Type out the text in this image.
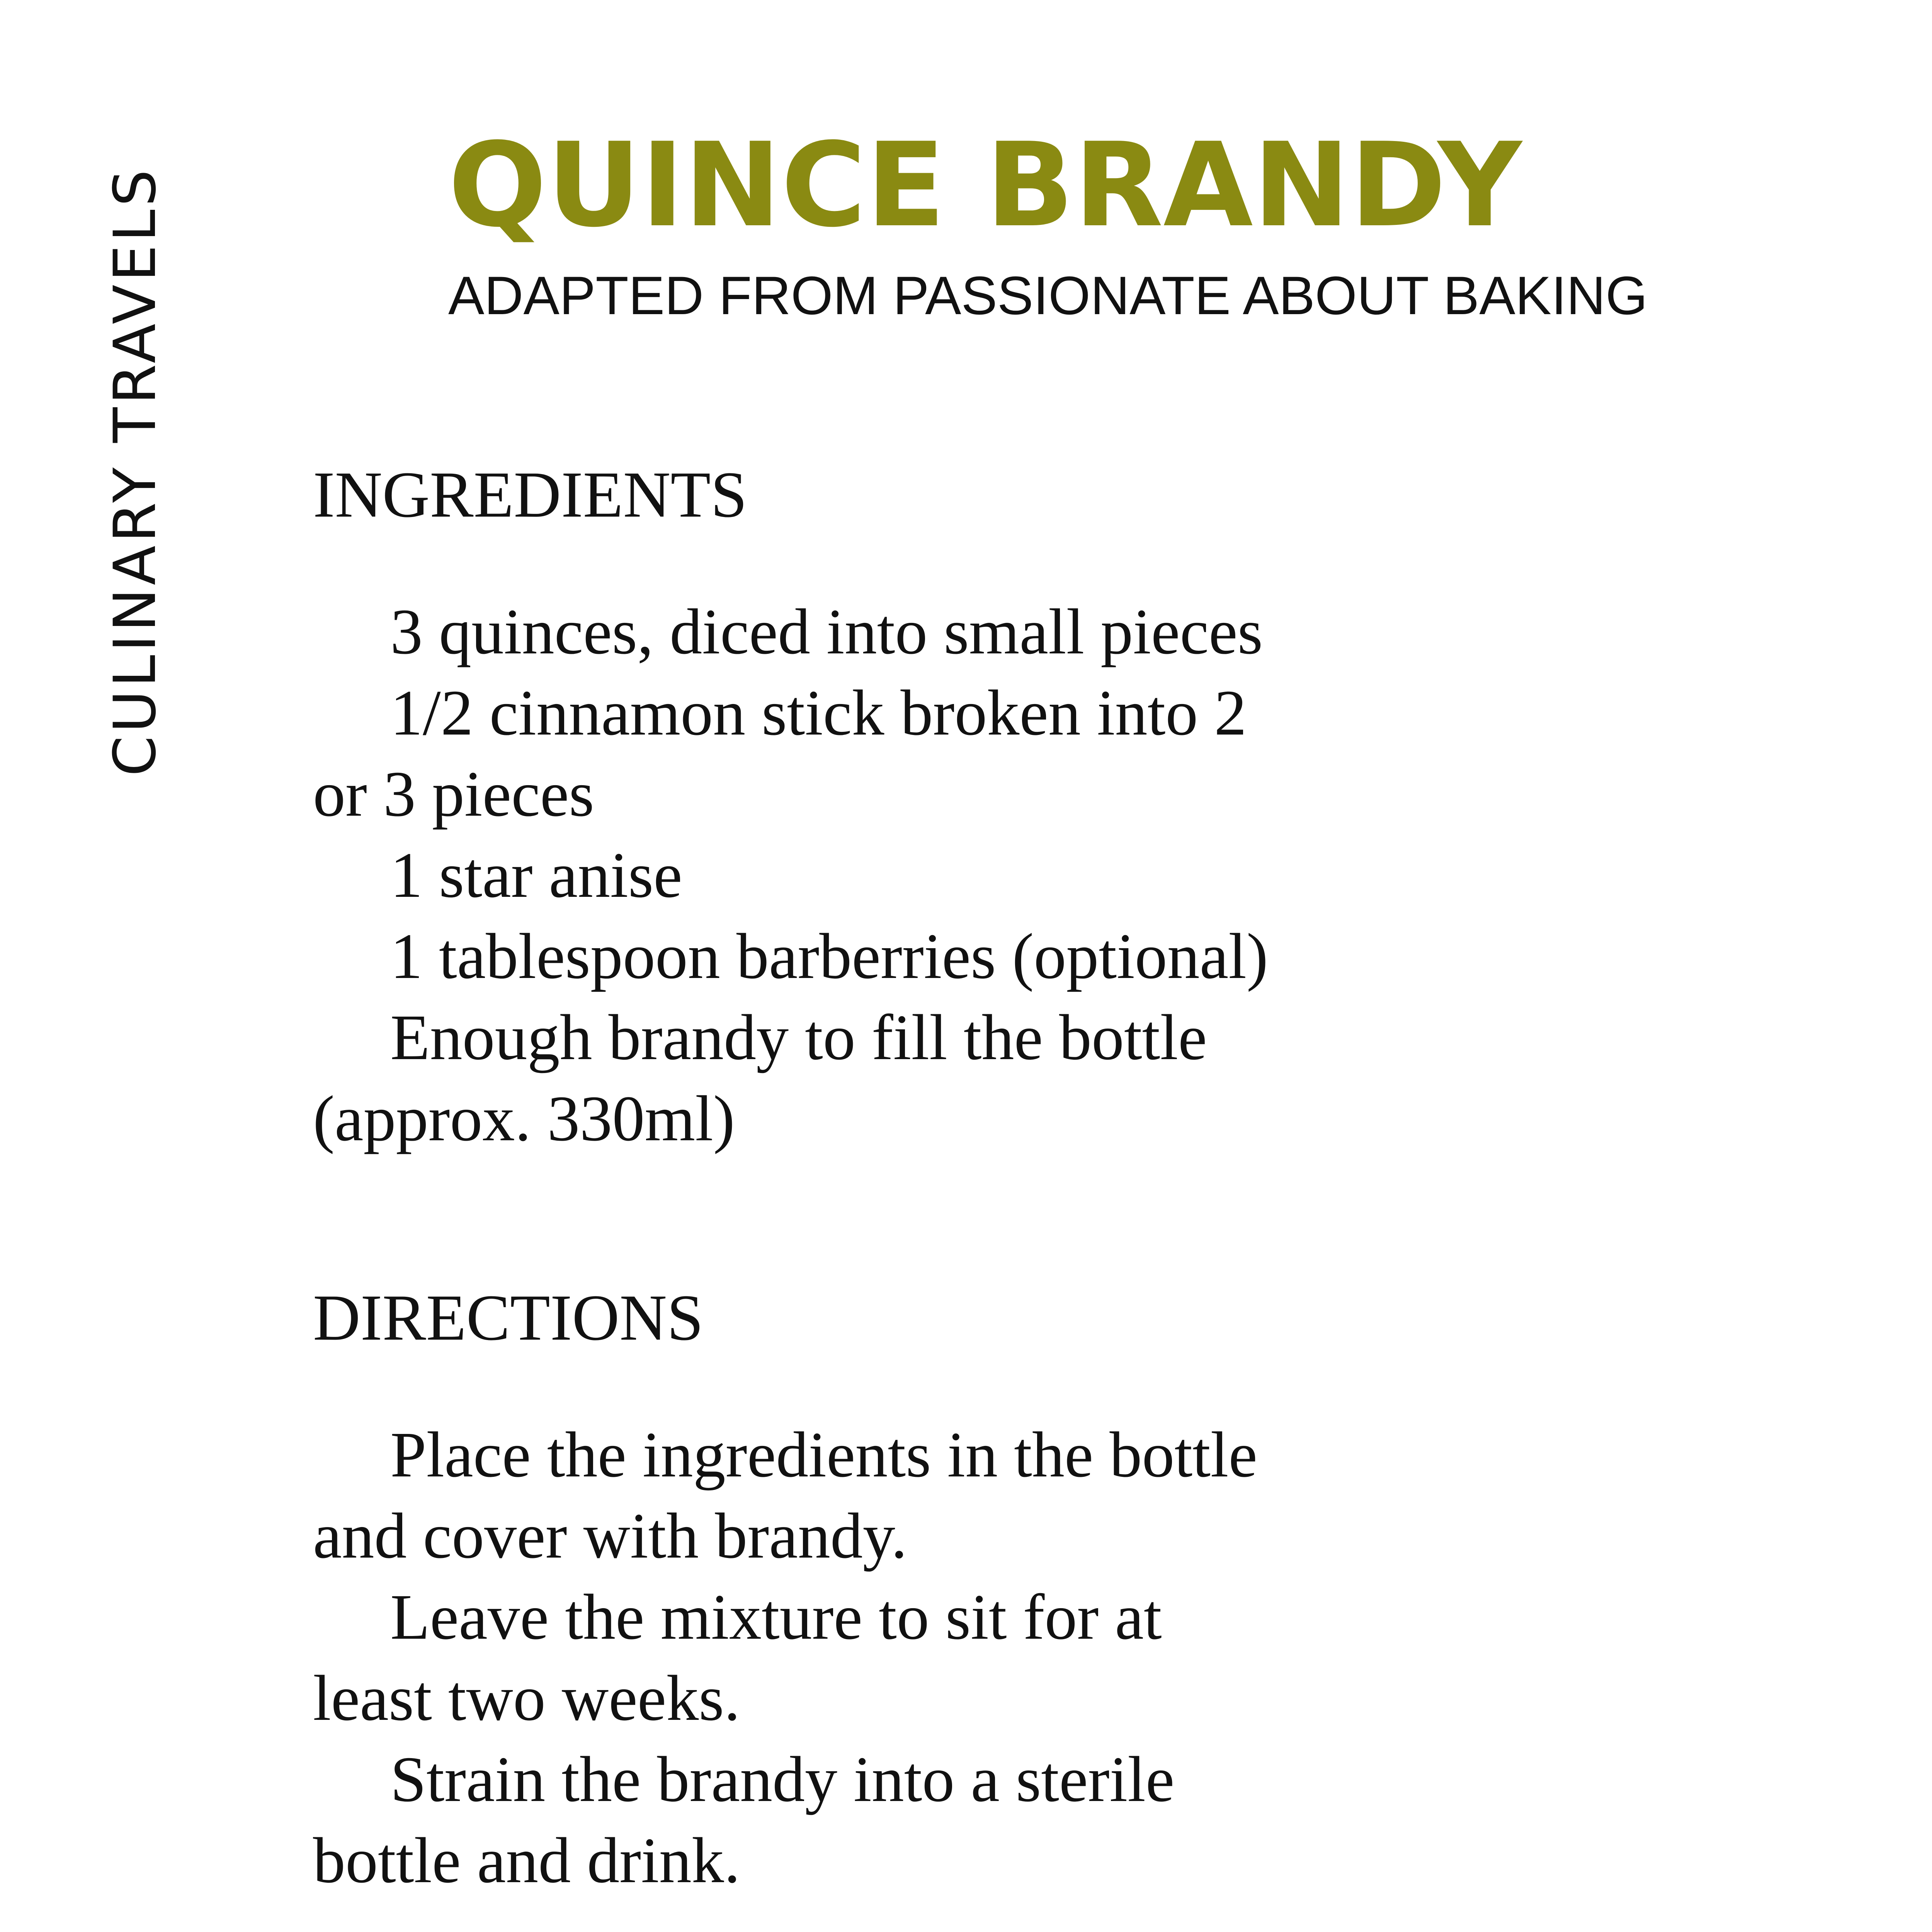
CULINARY TRAVELS QUINCE BRANDY
ADAPTED FROM PASSIONATE ABOUT BAKING
INGREDIENTS

3 quinces, diced into small pieces

1/2 cinnamon stick broken into 2 or 3 pieces

1 star anise

1 tablespoon barberries (optional)

Enough brandy to fill the bottle (approx. 330ml)

DIRECTIONS

Place the ingredients in the bottle and cover with brandy.

Leave the mixture to sit for at least two weeks.

Strain the brandy into a sterile bottle and drink.
